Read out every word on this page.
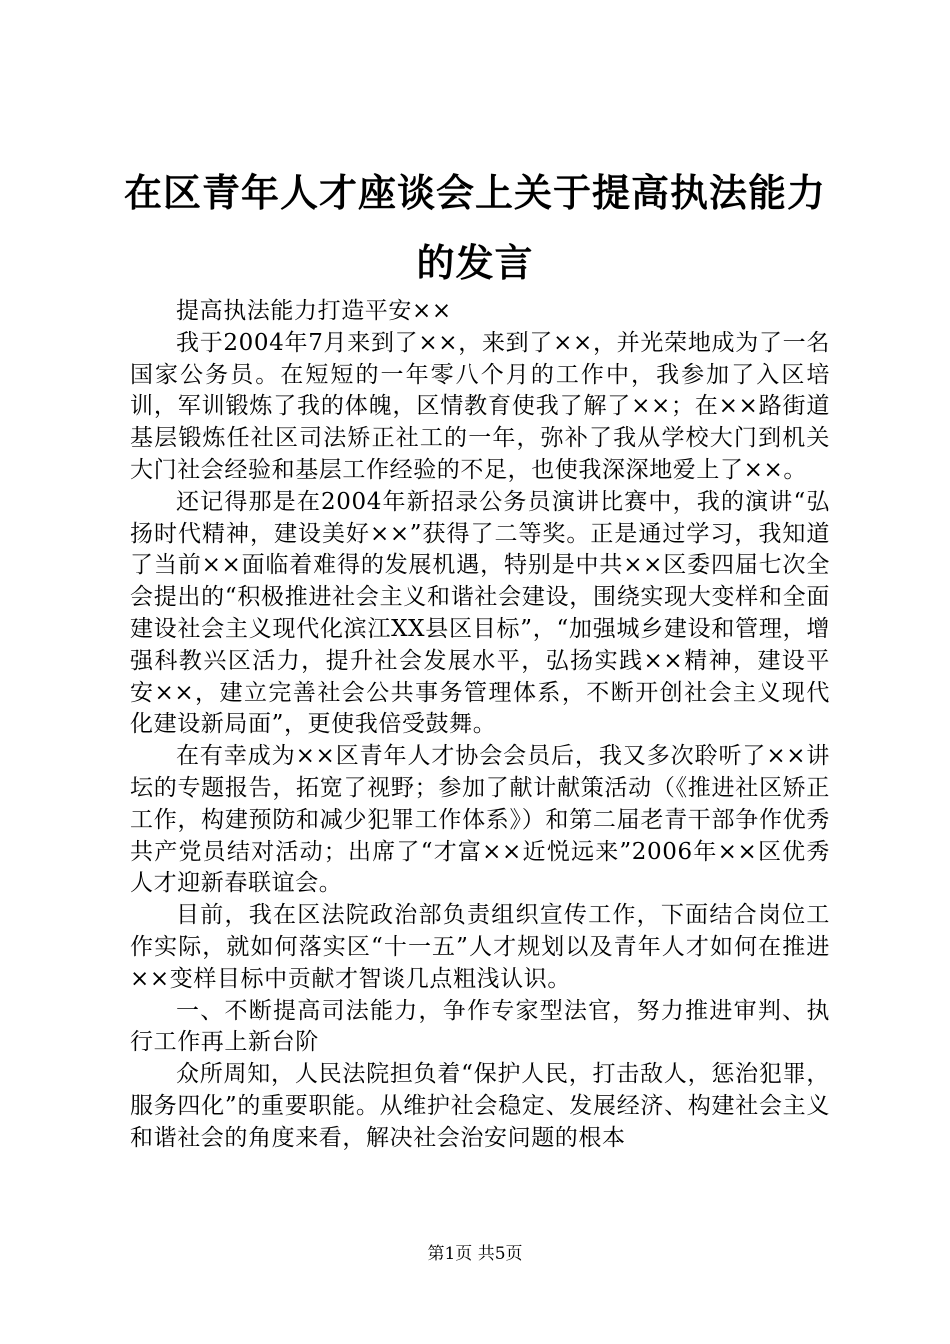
在区青年人才座谈会上关于提高执法能力的发言

提高执法能力打造平安××

我于2004年7月来到了××，来到了××，并光荣地成为了一名国家公务员。在短短的一年零八个月的工作中，我参加了入区培训，军训锻炼了我的体魄，区情教育使我了解了××；在××路街道基层锻炼任社区司法矫正社工的一年，弥补了我从学校大门到机关大门社会经验和基层工作经验的不足，也使我深深地爱上了××。

还记得那是在2004年新招录公务员演讲比赛中，我的演讲“弘扬时代精神，建设美好××”获得了二等奖。正是通过学习，我知道了当前××面临着难得的发展机遇，特别是中共××区委四届七次全会提出的“积极推进社会主义和谐社会建设，围绕实现大变样和全面建设社会主义现代化滨江XX县区目标”，“加强城乡建设和管理，增强科教兴区活力，提升社会发展水平，弘扬实践××精神，建设平安××，建立完善社会公共事务管理体系，不断开创社会主义现代化建设新局面”，更使我倍受鼓舞。

在有幸成为××区青年人才协会会员后，我又多次聆听了××讲坛的专题报告，拓宽了视野；参加了献计献策活动（《推进社区矫正工作，构建预防和减少犯罪工作体系》）和第二届老青干部争作优秀共产党员结对活动；出席了“才富××近悦远来”2006年××区优秀人才迎新春联谊会。

目前，我在区法院政治部负责组织宣传工作，下面结合岗位工作实际，就如何落实区“十一五”人才规划以及青年人才如何在推进××变样目标中贡献才智谈几点粗浅认识。

一、不断提高司法能力，争作专家型法官，努力推进审判、执行工作再上新台阶

众所周知，人民法院担负着“保护人民，打击敌人，惩治犯罪，服务四化”的重要职能。从维护社会稳定、发展经济、构建社会主义和谐社会的角度来看，解决社会治安问题的根本

第1页 共5页
